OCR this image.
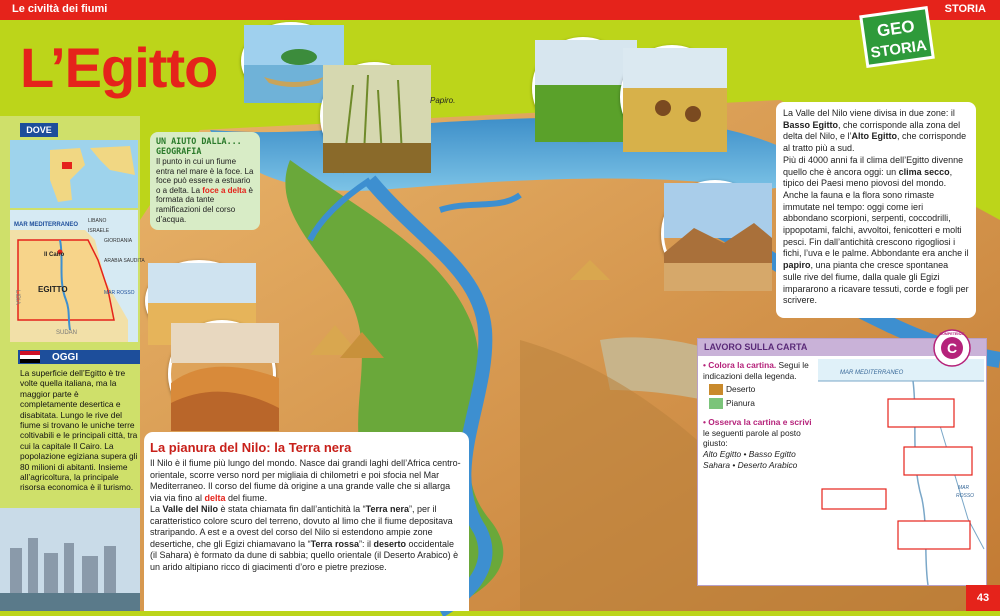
Le civiltà dei fiumi	STORIA
L’Egitto
Papiro.
DOVE
MAR MEDITERRANEO
LIBANO
ISRAELE
GIORDANIA
Il Cairo
ARABIA SAUDITA
LIBIA
EGITTO	MAR ROSSO
SUDAN
OGGI
La superficie dell’Egitto è tre volte quella italiana, ma la maggior parte è completamente desertica e disabitata. Lungo le rive del fiume si trovano le uniche terre coltivabili e le principali città, tra cui la capitale Il Cairo. La popolazione egiziana supera gli 80 milioni di abitanti. Insieme all’agricoltura, la principale risorsa economica è il turismo.
UN AIUTO DALLA...
GEOGRAFIA
Il punto in cui un fiume entra nel mare è la foce. La foce può essere a estuario o a delta. La foce a delta è formata da tante ramificazioni del corso d’acqua.
La pianura del Nilo: la Terra nera

Il Nilo è il fiume più lungo del mondo. Nasce dai grandi laghi dell’Africa centro-orientale, scorre verso nord per migliaia di chilometri e poi sfocia nel Mar Mediterraneo. Il corso del fiume dà origine a una grande valle che si allarga via via fino al delta del fiume.

La Valle del Nilo è stata chiamata fin dall’antichità la “Terra nera”, per il caratteristico colore scuro del terreno, dovuto al limo che il fiume depositava straripando. A est e a ovest del corso del Nilo si estendono ampie zone desertiche, che gli Egizi chiamavano la “Terra rossa”: il deserto occidentale (il Sahara) è formato da dune di sabbia; quello orientale (il Deserto Arabico) è un arido altipiano ricco di giacimenti d’oro e pietre preziose.

GEO
STORIA
La Valle del Nilo viene divisa in due zone: il Basso Egitto, che corrisponde alla zona del delta del Nilo, e l’Alto Egitto, che corrisponde al tratto più a sud.
Più di 4000 anni fa il clima dell’Egitto divenne quello che è ancora oggi: un clima secco, tipico dei Paesi meno piovosi del mondo.
Anche la fauna e la flora sono rimaste immutate nel tempo: oggi come ieri abbondano scorpioni, serpenti, coccodrilli, ippopotami, falchi, avvoltoi, fenicotteri e molti pesci. Fin dall’antichità crescono rigogliosi i fichi, l’uva e le palme. Abbondante era anche il papiro, una pianta che cresce spontanea sulle rive del fiume, dalla quale gli Egizi impararono a ricavare tessuti, corde e fogli per scrivere.
LAVORO SULLA CARTA
• Colora la cartina. Segui le indicazioni della legenda.
Deserto
Pianura
• Osserva la cartina e scrivi le seguenti parole al posto giusto:
Alto Egitto • Basso Egitto
Sahara • Deserto Arabico
MAR MEDITERRANEO
MAR
ROSSO
C
COMPETENZE
43
